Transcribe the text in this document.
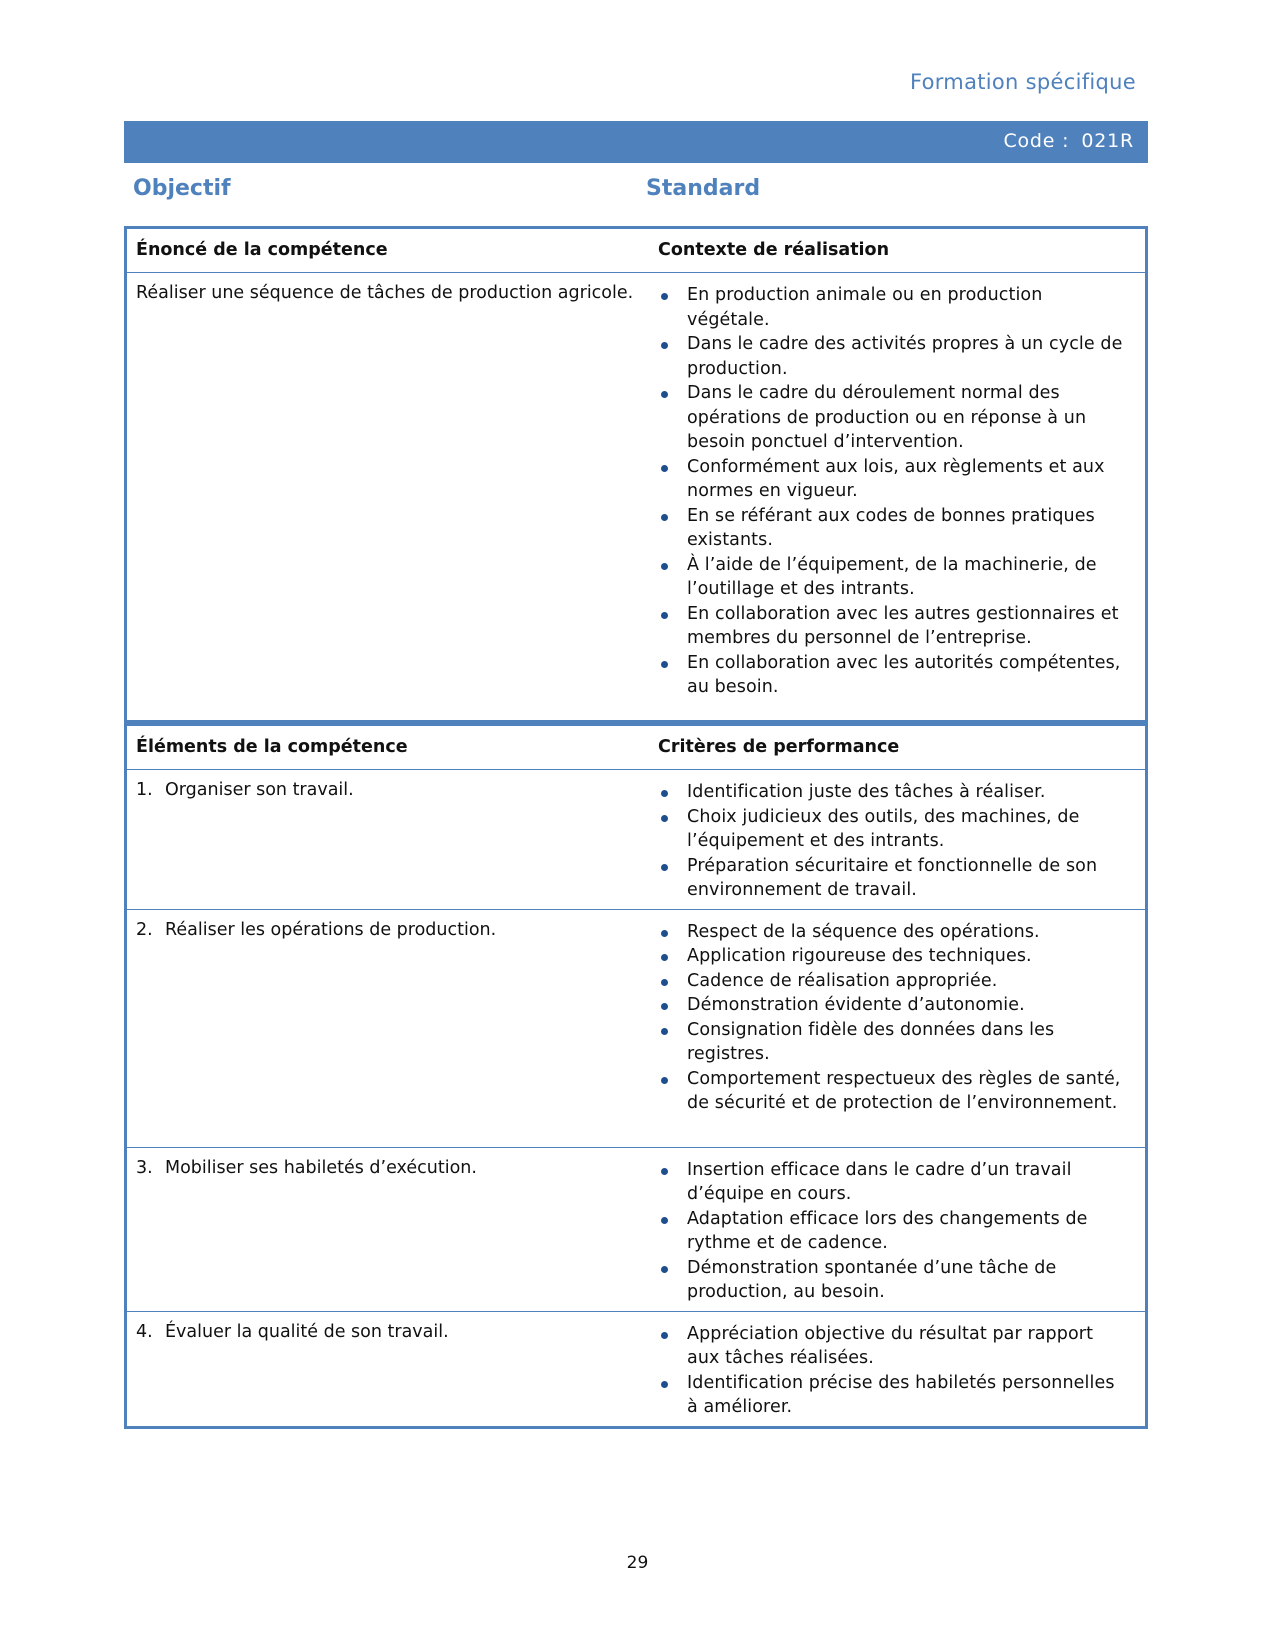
Formation spécifique
Code : 021R
Objectif	Standard
Énoncé de la compétence	Contexte de réalisation
Réaliser une séquence de tâches de production agricole.	En production animale ou en production végétale.
Dans le cadre des activités propres à un cycle de production.
Dans le cadre du déroulement normal des opérations de production ou en réponse à un besoin ponctuel d’intervention.
Conformément aux lois, aux règlements et aux normes en vigueur.
En se référant aux codes de bonnes pratiques existants.
À l’aide de l’équipement, de la machinerie, de l’outillage et des intrants.
En collaboration avec les autres gestionnaires et membres du personnel de l’entreprise.
En collaboration avec les autorités compétentes, au besoin.
Éléments de la compétence	Critères de performance

1. Organiser son travail.	Identification juste des tâches à réaliser.
Choix judicieux des outils, des machines, de l’équipement et des intrants.
Préparation sécuritaire et fonctionnelle de son environnement de travail.

2. Réaliser les opérations de production.	Respect de la séquence des opérations.
Application rigoureuse des techniques.
Cadence de réalisation appropriée.
Démonstration évidente d’autonomie.
Consignation fidèle des données dans les registres.
Comportement respectueux des règles de santé, de sécurité et de protection de l’environnement.

3. Mobiliser ses habiletés d’exécution.	Insertion efficace dans le cadre d’un travail d’équipe en cours.
Adaptation efficace lors des changements de rythme et de cadence.
Démonstration spontanée d’une tâche de production, au besoin.

4. Évaluer la qualité de son travail.	Appréciation objective du résultat par rapport aux tâches réalisées.
Identification précise des habiletés personnelles à améliorer.
29
